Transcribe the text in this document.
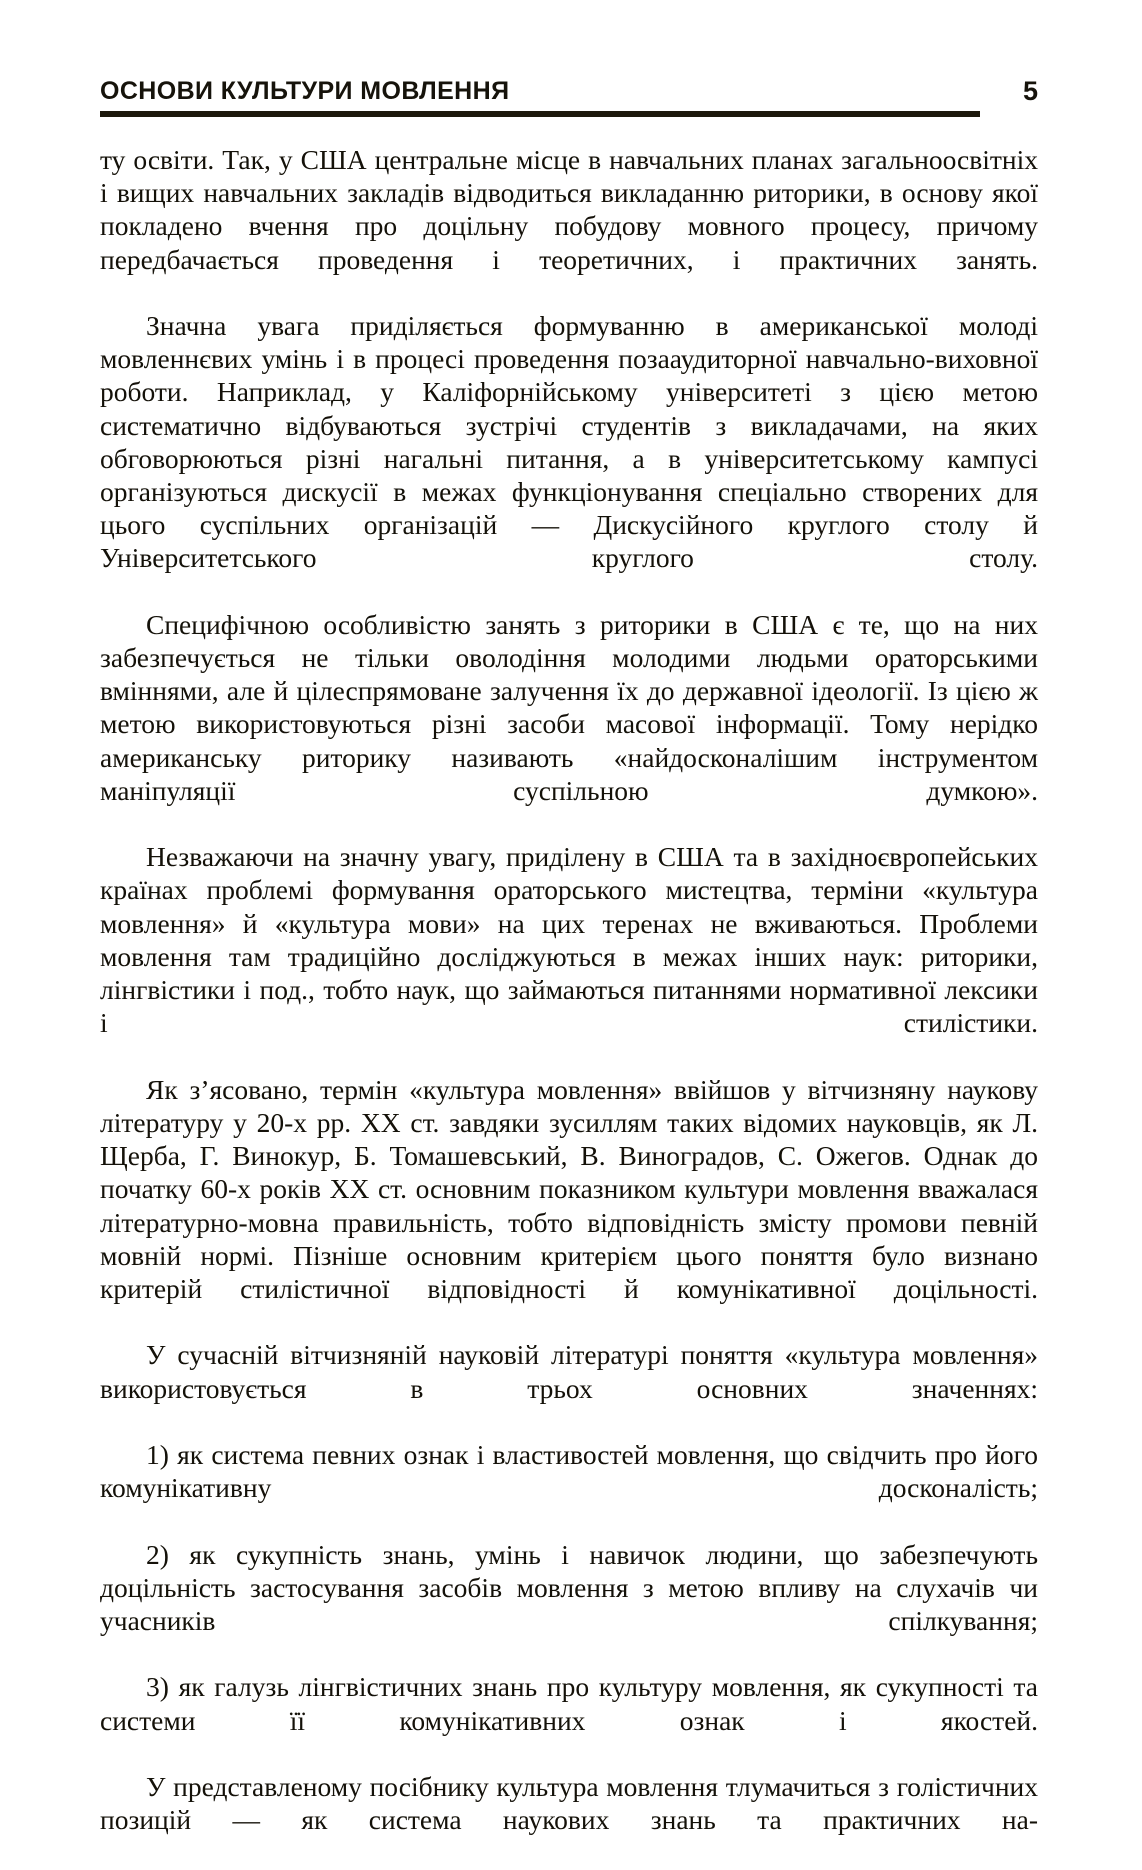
ОСНОВИ КУЛЬТУРИ МОВЛЕННЯ	5

ту освіти. Так, у США центральне місце в навчальних планах загальноосвітніх і вищих навчальних закладів відводиться викладанню риторики, в основу якої покладено вчення про доцільну побудову мовного процесу, причому передбачається проведення і теоретичних, і практичних занять.

Значна увага приділяється формуванню в американської молоді мовленнєвих умінь і в процесі проведення позааудиторної навчально-виховної роботи. Наприклад, у Каліфорнійському університеті з цією метою систематично відбуваються зустрічі студентів з викладачами, на яких обговорюються різні нагальні питання, а в університетському кампусі організуються дискусії в межах функціонування спеціально створених для цього суспільних організацій — Дискусійного круглого столу й Університетського круглого столу.

Специфічною особливістю занять з риторики в США є те, що на них забезпечується не тільки оволодіння молодими людьми ораторськими вміннями, але й цілеспрямоване залучення їх до державної ідеології. Із цією ж метою використовуються різні засоби масової інформації. Тому нерідко американську риторику називають «найдосконалішим інструментом маніпуляції суспільною думкою».

Незважаючи на значну увагу, приділену в США та в західноєвропейських країнах проблемі формування ораторського мистецтва, терміни «культура мовлення» й «культура мови» на цих теренах не вживаються. Проблеми мовлення там традиційно досліджуються в межах інших наук: риторики, лінгвістики і под., тобто наук, що займаються питаннями нормативної лексики і стилістики.

Як з’ясовано, термін «культура мовлення» ввійшов у вітчизняну наукову літературу у 20-х рр. ХХ ст. завдяки зусиллям таких відомих науковців, як Л. Щерба, Г. Винокур, Б. Томашевський, В. Виноградов, С. Ожегов. Однак до початку 60-х років ХХ ст. основним показником культури мовлення вважалася літературно-мовна правильність, тобто відповідність змісту промови певній мовній нормі. Пізніше основним критерієм цього поняття було визнано критерій стилістичної відповідності й комунікативної доцільності.

У сучасній вітчизняній науковій літературі поняття «культура мовлення» використовується в трьох основних значеннях:

1) як система певних ознак і властивостей мовлення, що свідчить про його комунікативну досконалість;

2) як сукупність знань, умінь і навичок людини, що забезпечують доцільність застосування засобів мовлення з метою впливу на слухачів чи учасників спілкування;

3) як галузь лінгвістичних знань про культуру мовлення, як сукупності та системи її комунікативних ознак і якостей.

У представленому посібнику культура мовлення тлумачиться з голістичних позицій — як система наукових знань та практичних на-
